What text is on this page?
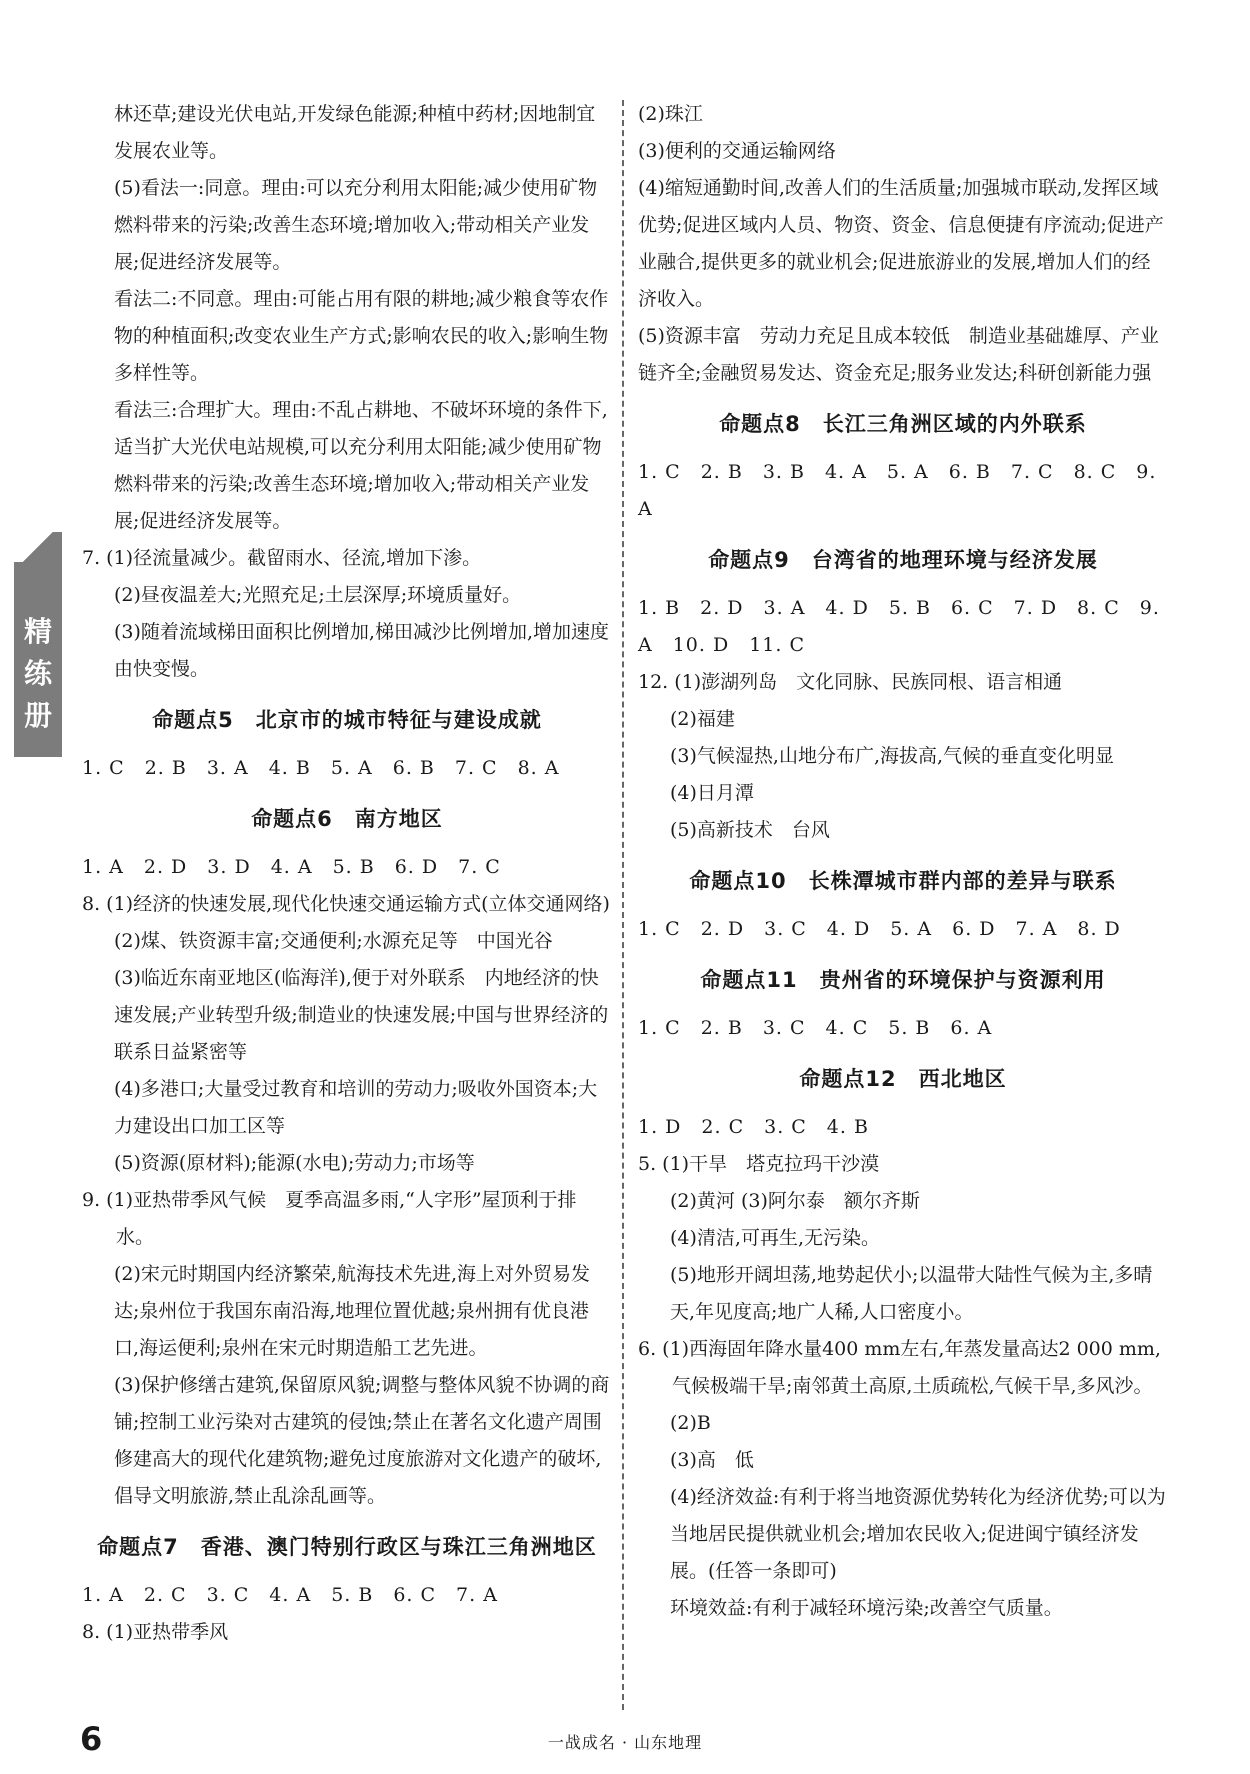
精
练
册

林还草;建设光伏电站,开发绿色能源;种植中药材;因地制宜发展农业等。

(5)看法一:同意。理由:可以充分利用太阳能;减少使用矿物燃料带来的污染;改善生态环境;增加收入;带动相关产业发展;促进经济发展等。

看法二:不同意。理由:可能占用有限的耕地;减少粮食等农作物的种植面积;改变农业生产方式;影响农民的收入;影响生物多样性等。

看法三:合理扩大。理由:不乱占耕地、不破坏环境的条件下,适当扩大光伏电站规模,可以充分利用太阳能;减少使用矿物燃料带来的污染;改善生态环境;增加收入;带动相关产业发展;促进经济发展等。

7. (1)径流量减少。截留雨水、径流,增加下渗。

(2)昼夜温差大;光照充足;土层深厚;环境质量好。

(3)随着流域梯田面积比例增加,梯田减沙比例增加,增加速度由快变慢。

命题点5　北京市的城市特征与建设成就

1. C　2. B　3. A　4. B　5. A　6. B　7. C　8. A

命题点6　南方地区

1. A　2. D　3. D　4. A　5. B　6. D　7. C

8. (1)经济的快速发展,现代化快速交通运输方式(立体交通网络)

(2)煤、铁资源丰富;交通便利;水源充足等　中国光谷

(3)临近东南亚地区(临海洋),便于对外联系　内地经济的快速发展;产业转型升级;制造业的快速发展;中国与世界经济的联系日益紧密等

(4)多港口;大量受过教育和培训的劳动力;吸收外国资本;大力建设出口加工区等

(5)资源(原材料);能源(水电);劳动力;市场等

9. (1)亚热带季风气候　夏季高温多雨,“人字形”屋顶利于排水。

(2)宋元时期国内经济繁荣,航海技术先进,海上对外贸易发达;泉州位于我国东南沿海,地理位置优越;泉州拥有优良港口,海运便利;泉州在宋元时期造船工艺先进。

(3)保护修缮古建筑,保留原风貌;调整与整体风貌不协调的商铺;控制工业污染对古建筑的侵蚀;禁止在著名文化遗产周围修建高大的现代化建筑物;避免过度旅游对文化遗产的破坏,倡导文明旅游,禁止乱涂乱画等。

命题点7　香港、澳门特别行政区与珠江三角洲地区

1. A　2. C　3. C　4. A　5. B　6. C　7. A

8. (1)亚热带季风

(2)珠江

(3)便利的交通运输网络

(4)缩短通勤时间,改善人们的生活质量;加强城市联动,发挥区域优势;促进区域内人员、物资、资金、信息便捷有序流动;促进产业融合,提供更多的就业机会;促进旅游业的发展,增加人们的经济收入。

(5)资源丰富　劳动力充足且成本较低　制造业基础雄厚、产业链齐全;金融贸易发达、资金充足;服务业发达;科研创新能力强

命题点8　长江三角洲区域的内外联系

1. C　2. B　3. B　4. A　5. A　6. B　7. C　8. C　9. A

命题点9　台湾省的地理环境与经济发展

1. B　2. D　3. A　4. D　5. B　6. C　7. D　8. C　9. A　10. D　11. C

12. (1)澎湖列岛　文化同脉、民族同根、语言相通

(2)福建

(3)气候湿热,山地分布广,海拔高,气候的垂直变化明显

(4)日月潭

(5)高新技术　台风

命题点10　长株潭城市群内部的差异与联系

1. C　2. D　3. C　4. D　5. A　6. D　7. A　8. D

命题点11　贵州省的环境保护与资源利用

1. C　2. B　3. C　4. C　5. B　6. A

命题点12　西北地区

1. D　2. C　3. C　4. B

5. (1)干旱　塔克拉玛干沙漠

(2)黄河 (3)阿尔泰　额尔齐斯

(4)清洁,可再生,无污染。

(5)地形开阔坦荡,地势起伏小;以温带大陆性气候为主,多晴天,年见度高;地广人稀,人口密度小。

6. (1)西海固年降水量400 mm左右,年蒸发量高达2 000 mm,气候极端干旱;南邻黄土高原,土质疏松,气候干旱,多风沙。

(2)B

(3)高　低

(4)经济效益:有利于将当地资源优势转化为经济优势;可以为当地居民提供就业机会;增加农民收入;促进闽宁镇经济发展。(任答一条即可)

环境效益:有利于减轻环境污染;改善空气质量。

6	一战成名 · 山东地理
